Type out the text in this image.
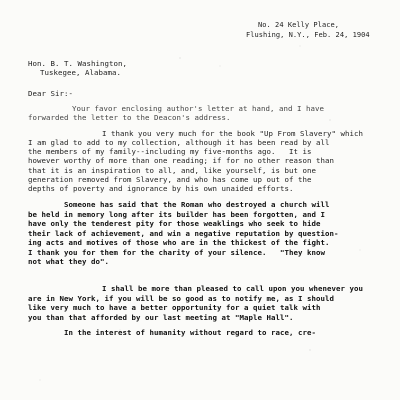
No. 24 Kelly Place,
Flushing, N.Y., Feb. 24, 1904
Hon. B. T. Washington,
Tuskegee, Alabama.
Dear Sir:-
Your favor enclosing author's letter at hand, and I have
forwarded the letter to the Deacon's address.
I thank you very much for the book "Up From Slavery" which
I am glad to add to my collection, although it has been read by all
the members of my family--including my five-months ago.   It is
however worthy of more than one reading; if for no other reason than
that it is an inspiration to all, and, like yourself, is but one
generation removed from Slavery, and who has come up out of the
depths of poverty and ignorance by his own unaided efforts.
Someone has said that the Roman who destroyed a church will
be held in memory long after its builder has been forgotten, and I
have only the tenderest pity for those weaklings who seek to hide
their lack of achievement, and win a negative reputation by question-
ing acts and motives of those who are in the thickest of the fight.
I thank you for them for the charity of your silence.   "They know
not what they do".
I shall be more than pleased to call upon you whenever you
are in New York, if you will be so good as to notify me, as I should
like very much to have a better opportunity for a quiet talk with
you than that afforded by our last meeting at "Maple Hall".
In the interest of humanity without regard to race, cre-
